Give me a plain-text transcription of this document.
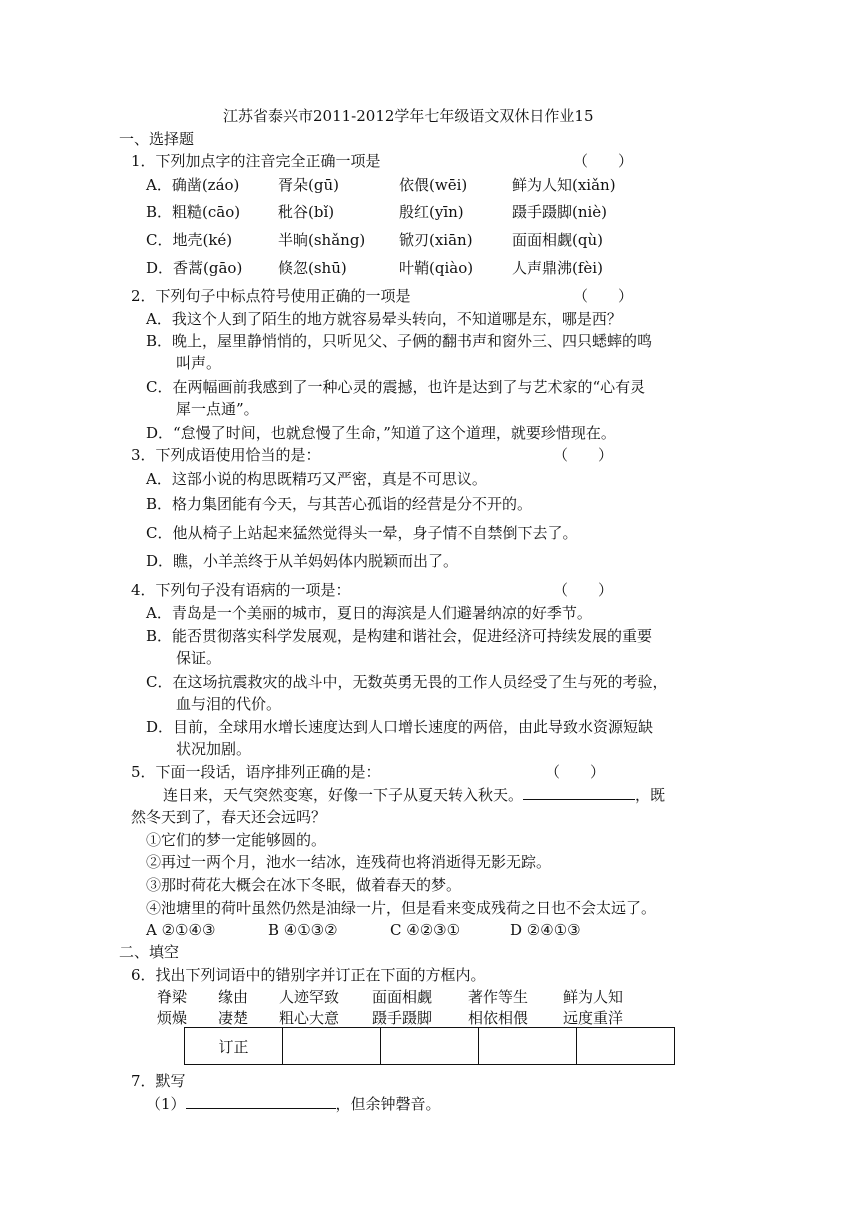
江苏省泰兴市2011-2012学年七年级语文双休日作业15
一、选择题
1．下列加点字的注音完全正确一项是	（　　）
A．确凿(záo)	胥朵(gū)	依偎(wēi)	鲜为人知(xiǎn)
B．粗糙(cāo)	秕谷(bǐ)	殷红(yīn)	蹑手蹑脚(niè)
C．地壳(ké)	半晌(shǎng) 锨刃(xiān)	面面相觑(qù)
D．香蒿(gāo) 倏忽(shū)	叶鞘(qiào)	人声鼎沸(fèi)
2．下列句子中标点符号使用正确的一项是	（　　）
A．我这个人到了陌生的地方就容易晕头转向，不知道哪是东，哪是西？
B．晚上，屋里静悄悄的，只听见父、子俩的翻书声和窗外三、四只蟋蟀的鸣
叫声。
C．在两幅画前我感到了一种心灵的震撼，也许是达到了与艺术家的“心有灵
犀一点通”。
D．“怠慢了时间，也就怠慢了生命，”知道了这个道理，就要珍惜现在。
3．下列成语使用恰当的是：	（　　）
A．这部小说的构思既精巧又严密，真是不可思议。
B．格力集团能有今天，与其苦心孤诣的经营是分不开的。
C．他从椅子上站起来猛然觉得头一晕，身子情不自禁倒下去了。
D．瞧，小羊羔终于从羊妈妈体内脱颖而出了。
4．下列句子没有语病的一项是：	（　　）
A．青岛是一个美丽的城市，夏日的海滨是人们避暑纳凉的好季节。
B．能否贯彻落实科学发展观，是构建和谐社会，促进经济可持续发展的重要
保证。
C．在这场抗震救灾的战斗中，无数英勇无畏的工作人员经受了生与死的考验，
血与泪的代价。
D．目前，全球用水增长速度达到人口增长速度的两倍，由此导致水资源短缺
状况加剧。
5．下面一段话，语序排列正确的是：	（　　）
连日来，天气突然变寒，好像一下子从夏天转入秋天。	，既
然冬天到了，春天还会远吗？
①它们的梦一定能够圆的。
②再过一两个月，池水一结冰，连残荷也将消逝得无影无踪。
③那时荷花大概会在冰下冬眠，做着春天的梦。
④池塘里的荷叶虽然仍然是油绿一片，但是看来变成残荷之日也不会太远了。
A ②①④③	B ④①③②	C ④②③①	D ②④①③
二、填空
6．找出下列词语中的错别字并订正在下面的方框内。
脊梁 缘由 人迹罕致 面面相觑 著作等生 鲜为人知
烦燥 凄楚 粗心大意 蹑手蹑脚 相依相偎 远度重洋
订正				
7．默写
（1）	，但余钟磬音。
